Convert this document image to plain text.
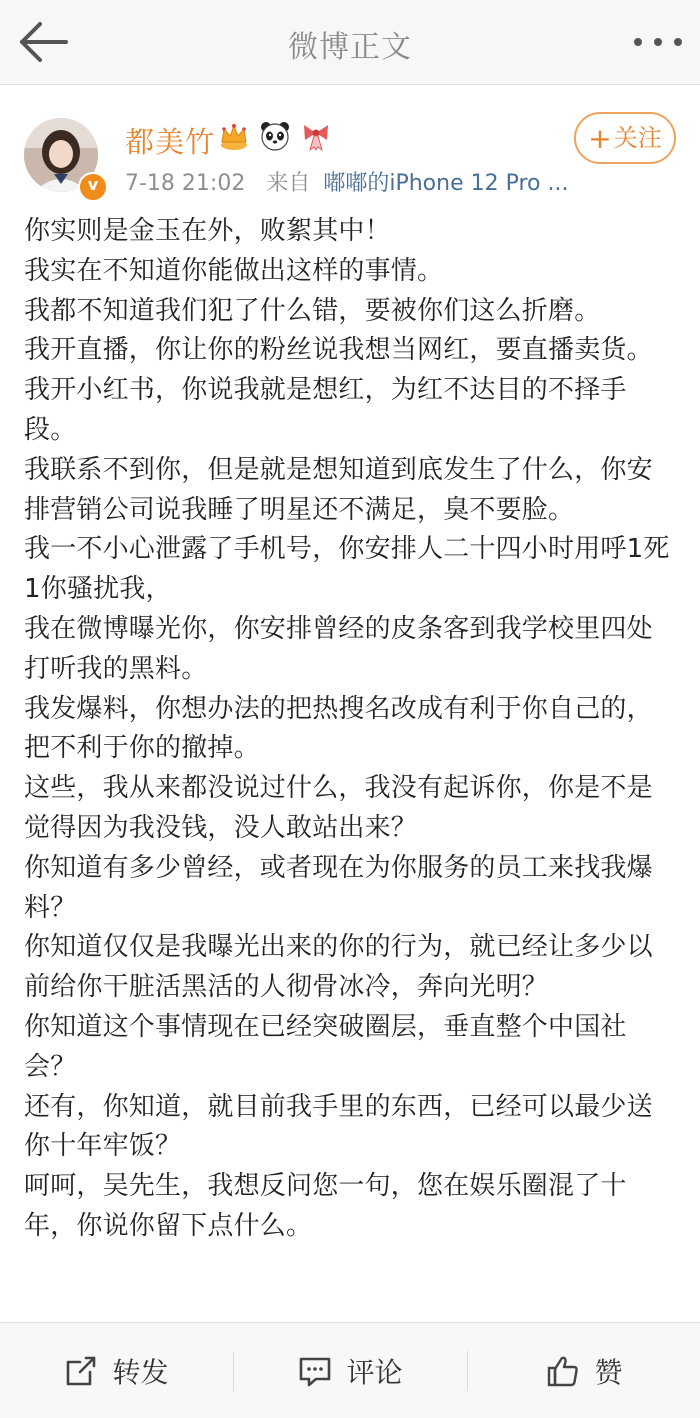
微博正文
v
都美竹

7-18 21:02 来自 嘟嘟的iPhone 12 Pro ...
+关注

你实则是金玉在外，败絮其中！

我实在不知道你能做出这样的事情。

我都不知道我们犯了什么错，要被你们这么折磨。

我开直播，你让你的粉丝说我想当网红，要直播卖货。

我开小红书，你说我就是想红，为红不达目的不择手段。

我联系不到你，但是就是想知道到底发生了什么，你安排营销公司说我睡了明星还不满足，臭不要脸。

我一不小心泄露了手机号，你安排人二十四小时用呼1死1你骚扰我，

我在微博曝光你，你安排曾经的皮条客到我学校里四处打听我的黑料。

我发爆料，你想办法的把热搜名改成有利于你自己的，把不利于你的撤掉。

这些，我从来都没说过什么，我没有起诉你，你是不是觉得因为我没钱，没人敢站出来？

你知道有多少曾经，或者现在为你服务的员工来找我爆料？

你知道仅仅是我曝光出来的你的行为，就已经让多少以前给你干脏活黑活的人彻骨冰冷，奔向光明？

你知道这个事情现在已经突破圈层，垂直整个中国社会？

还有，你知道，就目前我手里的东西，已经可以最少送你十年牢饭？

呵呵，吴先生，我想反问您一句，您在娱乐圈混了十年，你说你留下点什么。

转发	评论	赞
